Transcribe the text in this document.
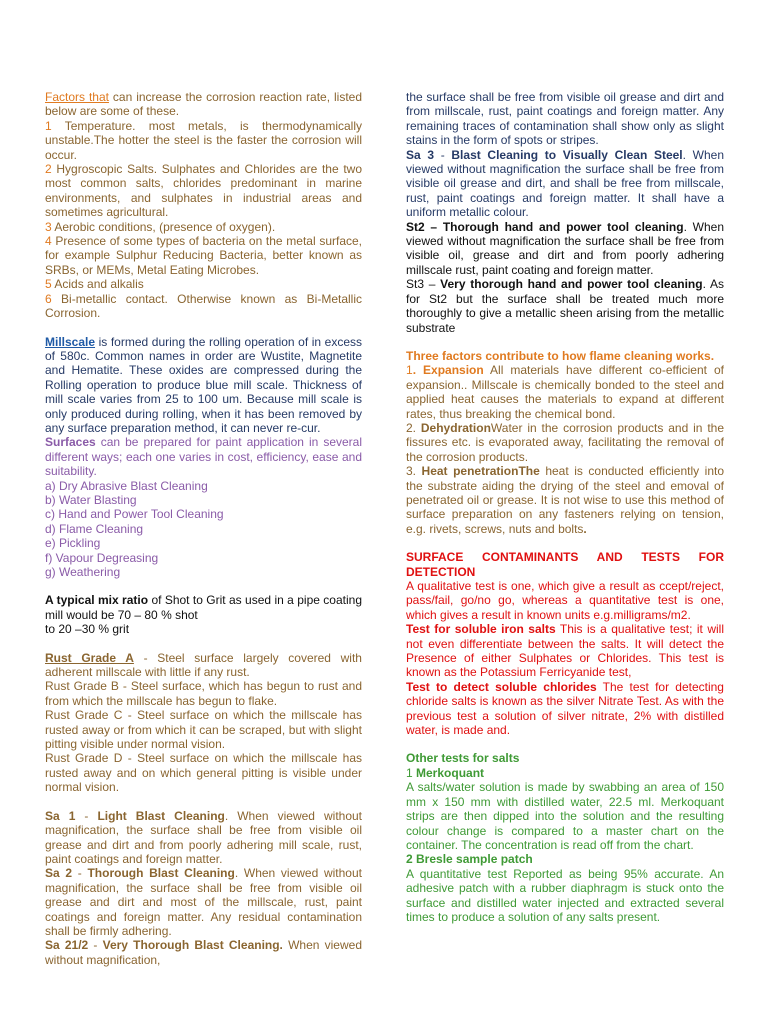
Factors that can increase the corrosion reaction rate, listed below are some of these.

1 Temperature. most metals, is thermodynamically unstable.The hotter the steel is the faster the corrosion will occur.

2 Hygroscopic Salts. Sulphates and Chlorides are the two most common salts, chlorides predominant in marine environments, and sulphates in industrial areas and sometimes agricultural.

3 Aerobic conditions, (presence of oxygen).

4 Presence of some types of bacteria on the metal surface, for example Sulphur Reducing Bacteria, better known as SRBs, or MEMs, Metal Eating Microbes.

5 Acids and alkalis

6 Bi-metallic contact. Otherwise known as Bi-Metallic Corrosion.

Millscale is formed during the rolling operation of in excess of 580c. Common names in order are Wustite, Magnetite and Hematite. These oxides are compressed during the Rolling operation to produce blue mill scale. Thickness of mill scale varies from 25 to 100 um. Because mill scale is only produced during rolling, when it has been removed by any surface preparation method, it can never re-cur.

Surfaces can be prepared for paint application in several different ways; each one varies in cost, efficiency, ease and suitability.

a) Dry Abrasive Blast Cleaning

b) Water Blasting

c) Hand and Power Tool Cleaning

d) Flame Cleaning

e) Pickling

f) Vapour Degreasing

g) Weathering

A typical mix ratio of Shot to Grit as used in a pipe coating mill would be 70 – 80 % shot

to 20 –30 % grit

Rust Grade A - Steel surface largely covered with adherent millscale with little if any rust.

Rust Grade B - Steel surface, which has begun to rust and from which the millscale has begun to flake.

Rust Grade C - Steel surface on which the millscale has rusted away or from which it can be scraped, but with slight pitting visible under normal vision.

Rust Grade D - Steel surface on which the millscale has rusted away and on which general pitting is visible under normal vision.

Sa 1 - Light Blast Cleaning. When viewed without magnification, the surface shall be free from visible oil grease and dirt and from poorly adhering mill scale, rust, paint coatings and foreign matter.

Sa 2 - Thorough Blast Cleaning. When viewed without magnification, the surface shall be free from visible oil grease and dirt and most of the millscale, rust, paint coatings and foreign matter. Any residual contamination shall be firmly adhering.

Sa 21/2 - Very Thorough Blast Cleaning. When viewed without magnification,

the surface shall be free from visible oil grease and dirt and from millscale, rust, paint coatings and foreign matter. Any remaining traces of contamination shall show only as slight stains in the form of spots or stripes.

Sa 3 - Blast Cleaning to Visually Clean Steel. When viewed without magnification the surface shall be free from visible oil grease and dirt, and shall be free from millscale, rust, paint coatings and foreign matter. It shall have a uniform metallic colour.

St2 – Thorough hand and power tool cleaning. When viewed without magnification the surface shall be free from visible oil, grease and dirt and from poorly adhering millscale rust, paint coating and foreign matter.

St3 – Very thorough hand and power tool cleaning. As for St2 but the surface shall be treated much more thoroughly to give a metallic sheen arising from the metallic substrate

Three factors contribute to how flame cleaning works.

1. Expansion All materials have different co-efficient of expansion.. Millscale is chemically bonded to the steel and applied heat causes the materials to expand at different rates, thus breaking the chemical bond.

2. DehydrationWater in the corrosion products and in the fissures etc. is evaporated away, facilitating the removal of the corrosion products.

3. Heat penetrationThe heat is conducted efficiently into the substrate aiding the drying of the steel and emoval of penetrated oil or grease. It is not wise to use this method of surface preparation on any fasteners relying on tension, e.g. rivets, screws, nuts and bolts.

SURFACE CONTAMINANTS AND TESTS FOR DETECTION

A qualitative test is one, which give a result as ccept/reject, pass/fail, go/no go, whereas a quantitative test is one, which gives a result in known units e.g.milligrams/m2.

Test for soluble iron salts This is a qualitative test; it will not even differentiate between the salts. It will detect the Presence of either Sulphates or Chlorides. This test is known as the Potassium Ferricyanide test,

Test to detect soluble chlorides The test for detecting chloride salts is known as the silver Nitrate Test. As with the previous test a solution of silver nitrate, 2% with distilled water, is made and.

Other tests for salts

1 Merkoquant

A salts/water solution is made by swabbing an area of 150 mm x 150 mm with distilled water, 22.5 ml. Merkoquant strips are then dipped into the solution and the resulting colour change is compared to a master chart on the container. The concentration is read off from the chart.

2 Bresle sample patch

A quantitative test Reported as being 95% accurate. An adhesive patch with a rubber diaphragm is stuck onto the surface and distilled water injected and extracted several times to produce a solution of any salts present.
